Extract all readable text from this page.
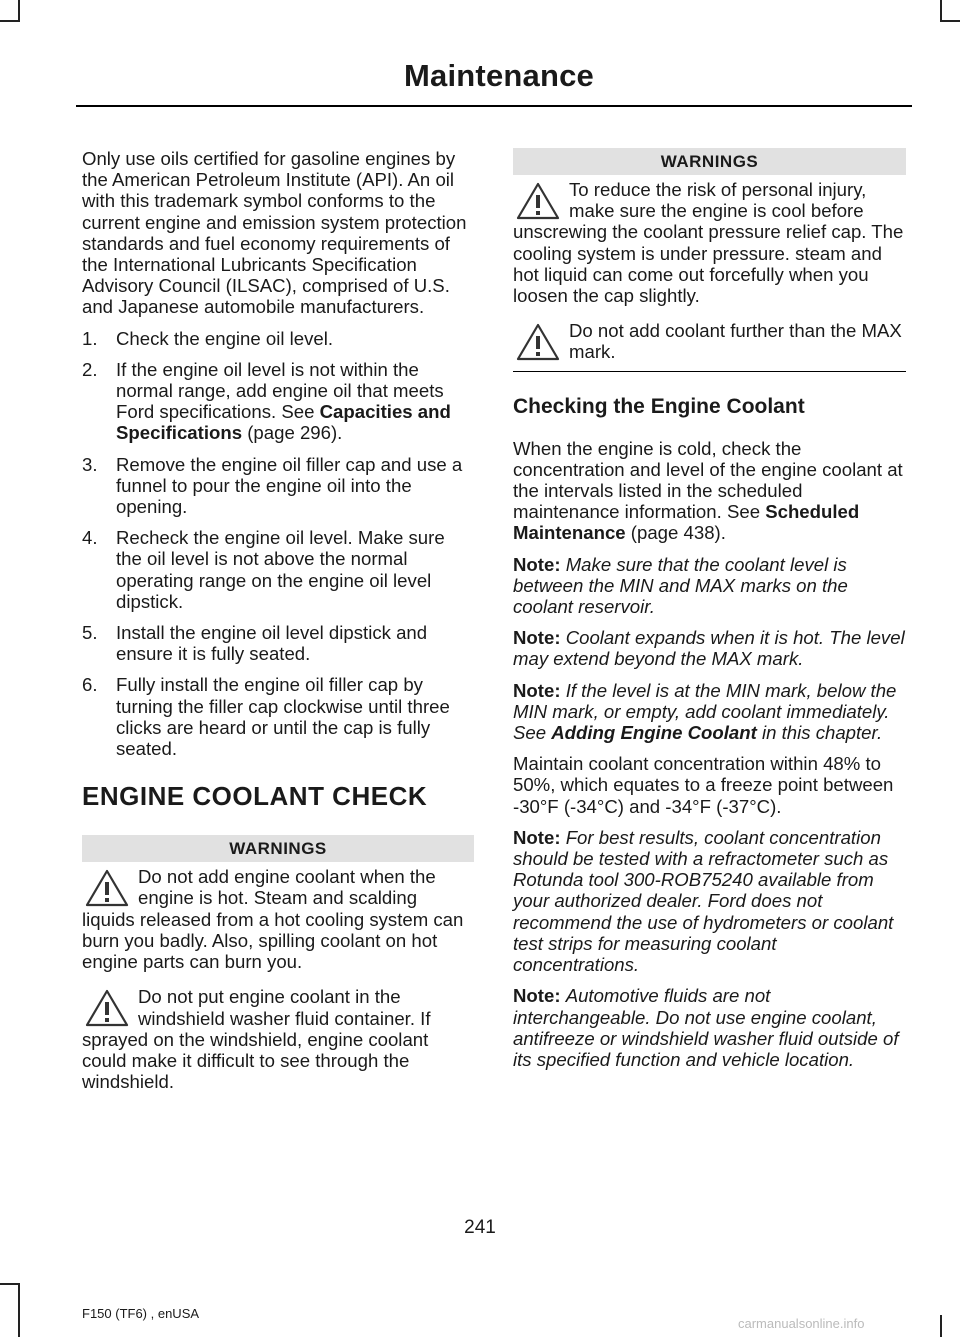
Maintenance

Only use oils certified for gasoline engines by the American Petroleum Institute (API). An oil with this trademark symbol conforms to the current engine and emission system protection standards and fuel economy requirements of the International Lubricants Specification Advisory Council (ILSAC), comprised of U.S. and Japanese automobile manufacturers.

1. Check the engine oil level.
2. If the engine oil level is not within the normal range, add engine oil that meets Ford specifications. See Capacities and Specifications (page 296).
3. Remove the engine oil filler cap and use a funnel to pour the engine oil into the opening.
4. Recheck the engine oil level. Make sure the oil level is not above the normal operating range on the engine oil level dipstick.
5. Install the engine oil level dipstick and ensure it is fully seated.
6. Fully install the engine oil filler cap by turning the filler cap clockwise until three clicks are heard or until the cap is fully seated.
ENGINE COOLANT CHECK
WARNINGS
Do not add engine coolant when the engine is hot. Steam and scalding liquids released from a hot cooling system can burn you badly. Also, spilling coolant on hot engine parts can burn you.
Do not put engine coolant in the windshield washer fluid container. If sprayed on the windshield, engine coolant could make it difficult to see through the windshield.
WARNINGS
To reduce the risk of personal injury, make sure the engine is cool before unscrewing the coolant pressure relief cap. The cooling system is under pressure. steam and hot liquid can come out forcefully when you loosen the cap slightly.
Do not add coolant further than the MAX mark.
Checking the Engine Coolant

When the engine is cold, check the concentration and level of the engine coolant at the intervals listed in the scheduled maintenance information. See Scheduled Maintenance (page 438).

Note: Make sure that the coolant level is between the MIN and MAX marks on the coolant reservoir.

Note: Coolant expands when it is hot. The level may extend beyond the MAX mark.

Note: If the level is at the MIN mark, below the MIN mark, or empty, add coolant immediately. See Adding Engine Coolant in this chapter.

Maintain coolant concentration within 48% to 50%, which equates to a freeze point between -30°F (-34°C) and -34°F (-37°C).

Note: For best results, coolant concentration should be tested with a refractometer such as Rotunda tool 300-ROB75240 available from your authorized dealer. Ford does not recommend the use of hydrometers or coolant test strips for measuring coolant concentrations.

Note: Automotive fluids are not interchangeable. Do not use engine coolant, antifreeze or windshield washer fluid outside of its specified function and vehicle location.

241
F150 (TF6) , enUSA
carmanualsonline.info
